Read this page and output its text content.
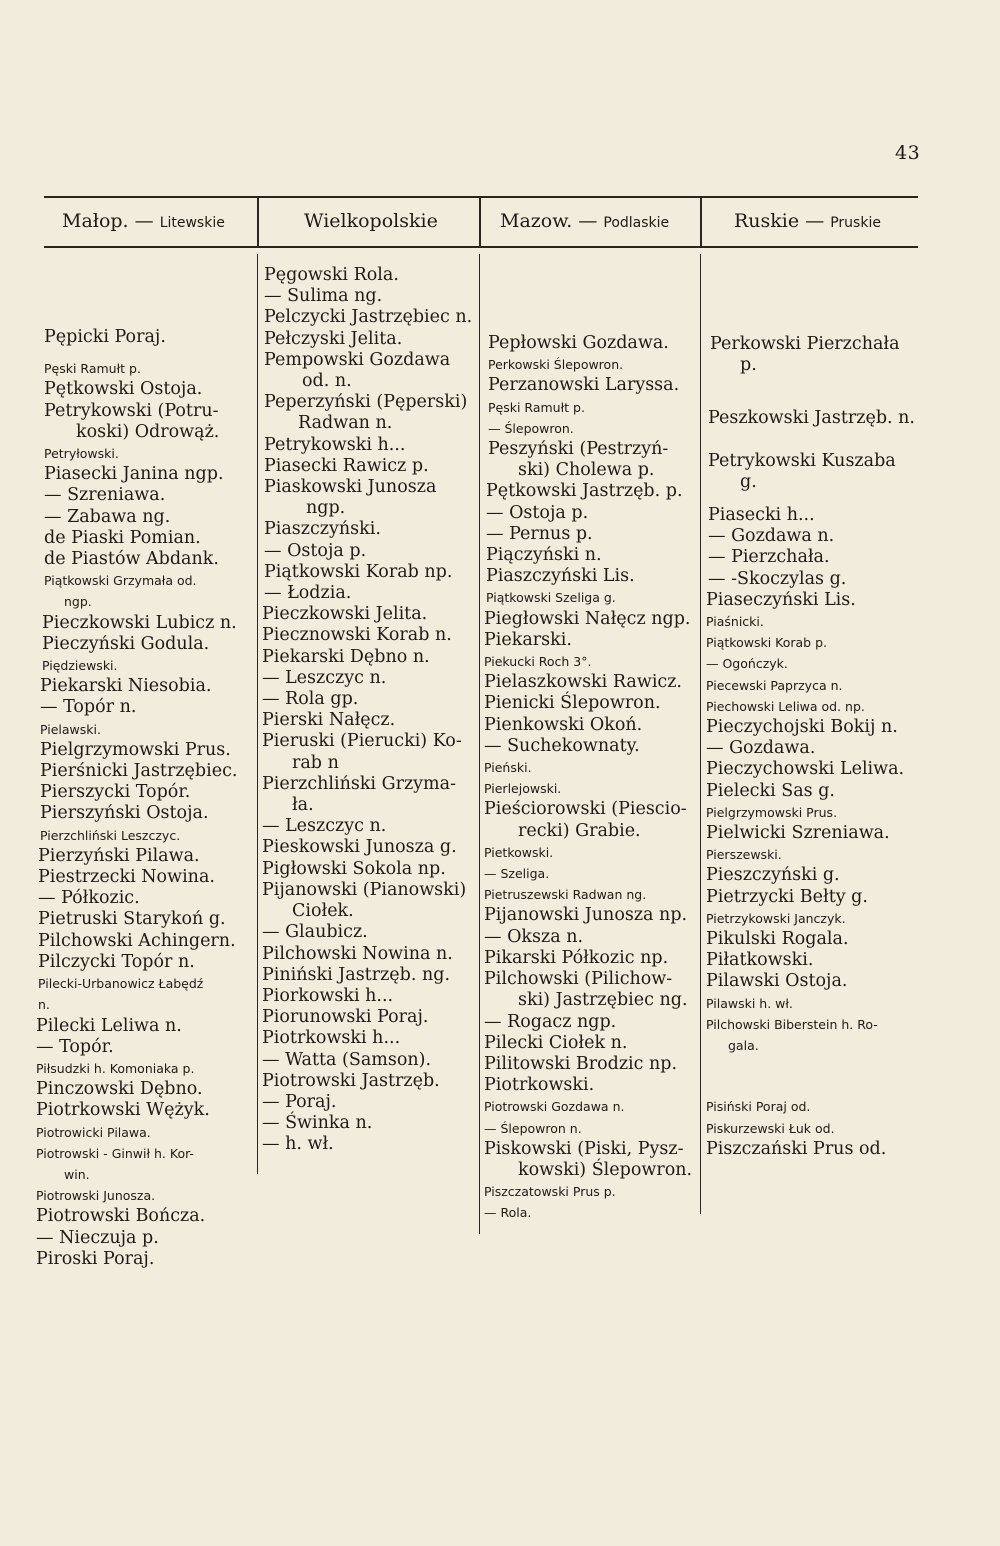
43
Małop. — Litewskie	Wielkopolskie	Mazow. — Podlaskie	Ruskie — Pruskie
Pępicki Poraj.
Pęski Ramułt p.
Pętkowski Ostoja.
Petrykowski (Potru-
koski) Odrowąż.
Petryłowski.
Piasecki Janina ngp.
— Szreniawa.
— Zabawa ng.
de Piaski Pomian.
de Piastów Abdank.
Piątkowski Grzymała od.
ngp.
Pieczkowski Lubicz n.
Pieczyński Godula.
Piędziewski.
Piekarski Niesobia.
— Topór n.
Pielawski.
Pielgrzymowski Prus.
Pierśnicki Jastrzębiec.
Pierszycki Topór.
Pierszyński Ostoja.
Pierzchliński Leszczyc.
Pierzyński Pilawa.
Piestrzecki Nowina.
— Półkozic.
Pietruski Starykoń g.
Pilchowski Achingern.
Pilczycki Topór n.
Pilecki-Urbanowicz Łabędź
n.
Pilecki Leliwa n.
— Topór.
Piłsudzki h. Komoniaka p.
Pinczowski Dębno.
Piotrkowski Wężyk.
Piotrowicki Pilawa.
Piotrowski - Ginwił h. Kor-
win.
Piotrowski Junosza.
Piotrowski Bończa.
— Nieczuja p.
Piroski Poraj.
Pęgowski Rola.
— Sulima ng.
Pelczycki Jastrzębiec n.
Pełczyski Jelita.
Pempowski Gozdawa
od. n.
Peperzyński (Pęperski)
Radwan n.
Petrykowski h...
Piasecki Rawicz p.
Piaskowski Junosza
ngp.
Piaszczyński.
— Ostoja p.
Piątkowski Korab np.
— Łodzia.
Pieczkowski Jelita.
Piecznowski Korab n.
Piekarski Dębno n.
— Leszczyc n.
— Rola gp.
Pierski Nałęcz.
Pieruski (Pierucki) Ko-
rab n
Pierzchliński Grzyma-
ła.
— Leszczyc n.
Pieskowski Junosza g.
Pigłowski Sokola np.
Pijanowski (Pianowski)
Ciołek.
— Glaubicz.
Pilchowski Nowina n.
Piniński Jastrzęb. ng.
Piorkowski h...
Piorunowski Poraj.
Piotrkowski h...
— Watta (Samson).
Piotrowski Jastrzęb.
— Poraj.
— Świnka n.
— h. wł.
Pepłowski Gozdawa.
Perkowski Ślepowron.
Perzanowski Laryssa.
Pęski Ramułt p.
— Ślepowron.
Peszyński (Pestrzyń-
ski) Cholewa p.
Pętkowski Jastrzęb. p.
— Ostoja p.
— Pernus p.
Piączyński n.
Piaszczyński Lis.
Piątkowski Szeliga g.
Piegłowski Nałęcz ngp.
Piekarski.
Piekucki Roch 3°.
Pielaszkowski Rawicz.
Pienicki Ślepowron.
Pienkowski Okoń.
— Suchekownaty.
Pieński.
Pierlejowski.
Pieściorowski (Piescio-
recki) Grabie.
Pietkowski.
— Szeliga.
Pietruszewski Radwan ng.
Pijanowski Junosza np.
— Oksza n.
Pikarski Półkozic np.
Pilchowski (Pilichow-
ski) Jastrzębiec ng.
— Rogacz ngp.
Pilecki Ciołek n.
Pilitowski Brodzic np.
Piotrkowski.
Piotrowski Gozdawa n.
— Ślepowron n.
Piskowski (Piski, Pysz-
kowski) Ślepowron.
Piszczatowski Prus p.
— Rola.
Perkowski Pierzchała
p.
Peszkowski Jastrzęb. n.
Petrykowski Kuszaba
g.
Piasecki h...
— Gozdawa n.
— Pierzchała.
— -Skoczylas g.
Piaseczyński Lis.
Piaśnicki.
Piątkowski Korab p.
— Ogończyk.
Piecewski Paprzyca n.
Piechowski Leliwa od. np.
Pieczychojski Bokij n.
— Gozdawa.
Pieczychowski Leliwa.
Pielecki Sas g.
Pielgrzymowski Prus.
Pielwicki Szreniawa.
Pierszewski.
Pieszczyński g.
Pietrzycki Bełty g.
Pietrzykowski Janczyk.
Pikulski Rogala.
Piłatkowski.
Pilawski Ostoja.
Pilawski h. wł.
Pilchowski Biberstein h. Ro-
gala.
Pisiński Poraj od.
Piskurzewski Łuk od.
Piszczański Prus od.
